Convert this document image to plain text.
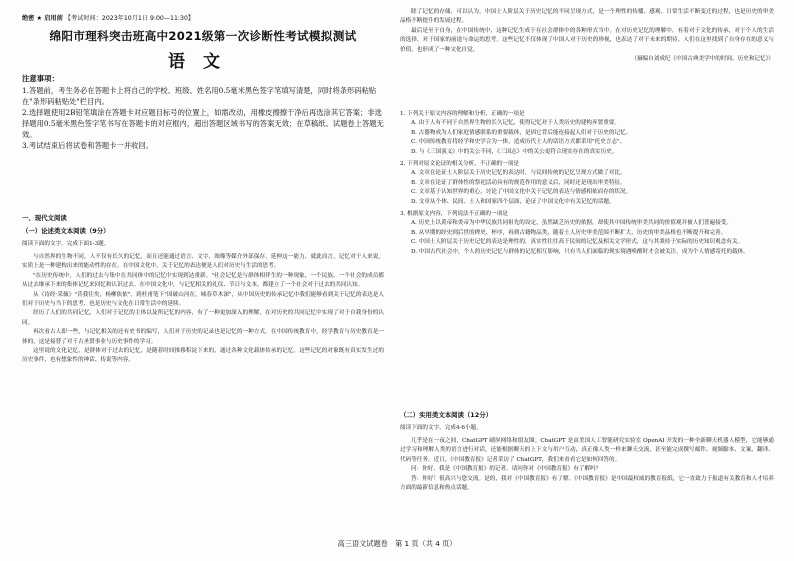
绝密 ★ 启用前 【考试时间：2023年10月1日 9:00—11:30】
绵阳市理科突击班高中2021级第一次诊断性考试模拟测试
语文
注意事项：

1.答题前，考生务必在答题卡上将自己的学校、班级、姓名用0.5毫米黑色签字笔填写清楚，同时将条形码粘贴在"条形码粘贴处"栏目内。

2.选择题使用2B铅笔填涂在答题卡对应题目标号的位置上，如需改动，用橡皮擦擦干净后再选涂其它答案；非选择题用0.5毫米黑色签字笔书写在答题卡的对应框内，超出答题区域书写的答案无效；在草稿纸、试题卷上答题无效。

3.考试结束后将试卷和答题卡一并收回。

一、现代文阅读

（一）论述类文本阅读（9分）

阅读下面的文字，完成下面1-3题。

与自然界的生物不同，人不仅有长久的记忆，而且还能通过语言、文字、图像等媒介外部保存、延伸这一能力。就此而言，记忆对于人来说，实质上是一种建构出来的能动性的存在。在中国文化中，关于记忆的表达便是人们对历史与生活的思考。

"在历史传统中，人们的过去与集中在共同体中的记忆中实现到达重新。"社会记忆是与群体相伴生的一种现象，一个民族、一个社会的成员都从过去继承下来的集体记忆来回忆和认识过去。在中国文化中，与记忆相关的礼仪、节日与文本，都建立了一个社会对于过去的共同认知。

从《诗经·采薇》"昔我往矣，杨柳依依"，到杜甫笔下"国破山河在，城春草木深"，从中国历史的传承记忆中我们能够看到关于记忆的表达是人们对于历史与当下的思考，也是历史与文化在日常生活中的延续。

经历了人们的共同记忆，人们对于记忆的主体以及所记忆的内容，有了一种更加深入的理解，在对历史的共同记忆中实现了对于自我身份的认同。

再次看古人即一些，与记忆相关的还有史书的编写，人们对于历史的记录也是记忆的一种方式。在中国传统教育中，经学教育与历史教育是一体的，这是接替了对千古圣贤事业与历史事件的学习。

这里说的文化记忆，是群体对于过去的记忆，是随着时间推移积淀下来的，通过各种文化载体传承的记忆。这些记忆的对象既有真实发生过的历史事件，也有想象性的神话、传说等内容。

除了记忆的存储，可以认为，中国士人阶层关于历史记忆的不同呈现方式，是一个理性的传播、感观、日常生活不断变迁的过程，也是历史的审美品格不断提升的发展过程。

最后是至于自身，在中国传统中，这种记忆生成于在社会群体中的各种形式当中。在对历史记忆的理解中，有着对于文化的传承，对于个人的生活的选择，对于国家的前途与命运的思考。这些记忆不仅体现了中国人对于历史的珍视，也表达了对于未来的期待。人们在这里找到了自身存在的意义与价值，也形成了一种文化自觉。

（摘编自刘成纪《中国古典美学中的时间、历史和记忆》）

1. 下列关于原文内容的理解和分析，正确的一项是

A. 由于人有不同于自然界生物的长久记忆，使得记忆对于人类历史的建构弃置重要。

B. 古器物成为人们家庭情感联系的重要载体，是因它背后能连接起人们对于历史的记忆。

C. 中国传统教育将经学和史学合为一体，造成历代士人的话语方式都采用"托史言志"。

D. 与《三国演义》中的关公不同，《三国志》中的关公更符合现实存在的真实历史。

2. 下列对原文论证的相关分析，不正确的一项是

A. 文章在论证士人阶层关于历史记忆的表达时，与民间传统的记忆呈现方式做了对比。

B. 文章在论证了群体性的祭祀活动具有的规范作用的意义后，同时还是现出审美特征。

C. 文章基于认知世界的重心，讨论了中国文化中关于记忆的表达与情感相依而存的状况。

D. 文章从个体、民间、士人和国家四个层面，论证了中国文化中有关记忆的话题。

3. 根据原文内容，下列说法不正确的一项是

A. 历史上以黄帝和炎帝为中华民族共同祖先的设定，虽然缺乏历史的依据，却使其中国传统审美共同的价值观并被人们普遍接受。

B. 从早期的经史到后世的稗史、杯序，再到古籍物品类，随着士人历史审美范围不断扩大，历史的审美品格也不断提升和完善。

C. 中国士人阶层关于历史记忆的表达是理性的，真实性往往高于民间的记忆及相关文学形式，这与其秉持于实际的历史知识观念有关。

D. 中国古代社会中，个人的历史记忆与群体的记忆相互影响，只有当人们面临的现实境遇唤醒时才会被关注，成为个人情感寄托的载体。

（二）实用类文本阅读（12分）

阅读下面的文字，完成4-6小题。

几乎是在一夜之间，ChatGPT 刷屏网络和朋友圈。ChatGPT 是由美国人工智能研究实验室 OpenAI 开发的一种全新聊天机器人模型，它能够通过学习和理解人类的语言进行对话，还能根据聊天的上下文与用户互动，真正像人类一样来聊天交流，甚至能完成撰写邮件、视频脚本、文案、翻译、代码等任务。近日，《中国教育报》记者采访了 ChatGPT，我们来看看它是如何回答的。

问：你好，我是《中国教育报》的记者，请问你对《中国教育报》有了解吗？

答：你好！很高兴与您交流。是的，我对《中国教育报》有了解。《中国教育报》是中国最权威的教育报纸，它一直致力于报道有关教育和人才培养方面的最新信息和热点话题。

高三语文试题卷　第 1 页（共 4 页）
